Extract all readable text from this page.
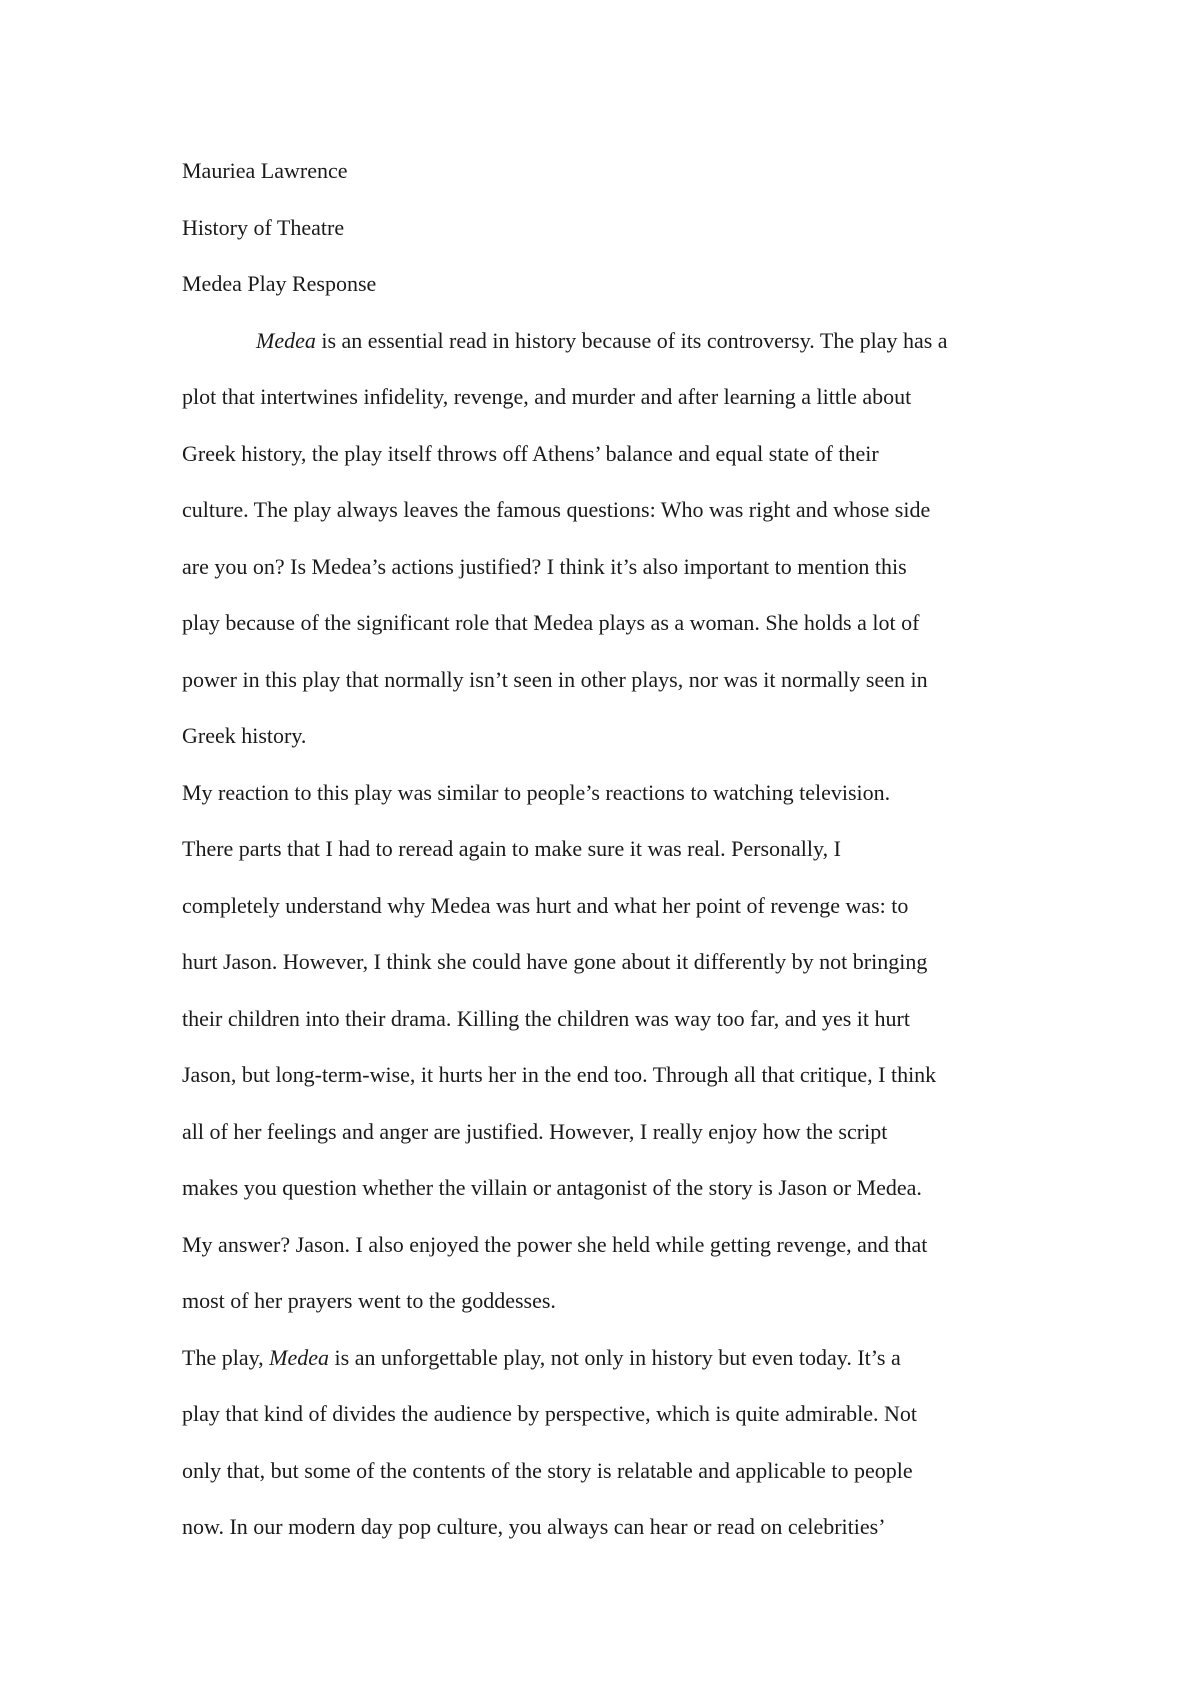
Mauriea Lawrence
History of Theatre
Medea Play Response
Medea is an essential read in history because of its controversy. The play has a
plot that intertwines infidelity, revenge, and murder and after learning a little about
Greek history, the play itself throws off Athens’ balance and equal state of their
culture. The play always leaves the famous questions: Who was right and whose side
are you on? Is Medea’s actions justified? I think it’s also important to mention this
play because of the significant role that Medea plays as a woman. She holds a lot of
power in this play that normally isn’t seen in other plays, nor was it normally seen in
Greek history.
My reaction to this play was similar to people’s reactions to watching television.
There parts that I had to reread again to make sure it was real. Personally, I
completely understand why Medea was hurt and what her point of revenge was: to
hurt Jason. However, I think she could have gone about it differently by not bringing
their children into their drama. Killing the children was way too far, and yes it hurt
Jason, but long-term-wise, it hurts her in the end too. Through all that critique, I think
all of her feelings and anger are justified. However, I really enjoy how the script
makes you question whether the villain or antagonist of the story is Jason or Medea.
My answer? Jason. I also enjoyed the power she held while getting revenge, and that
most of her prayers went to the goddesses.
The play, Medea is an unforgettable play, not only in history but even today. It’s a
play that kind of divides the audience by perspective, which is quite admirable. Not
only that, but some of the contents of the story is relatable and applicable to people
now. In our modern day pop culture, you always can hear or read on celebrities’
